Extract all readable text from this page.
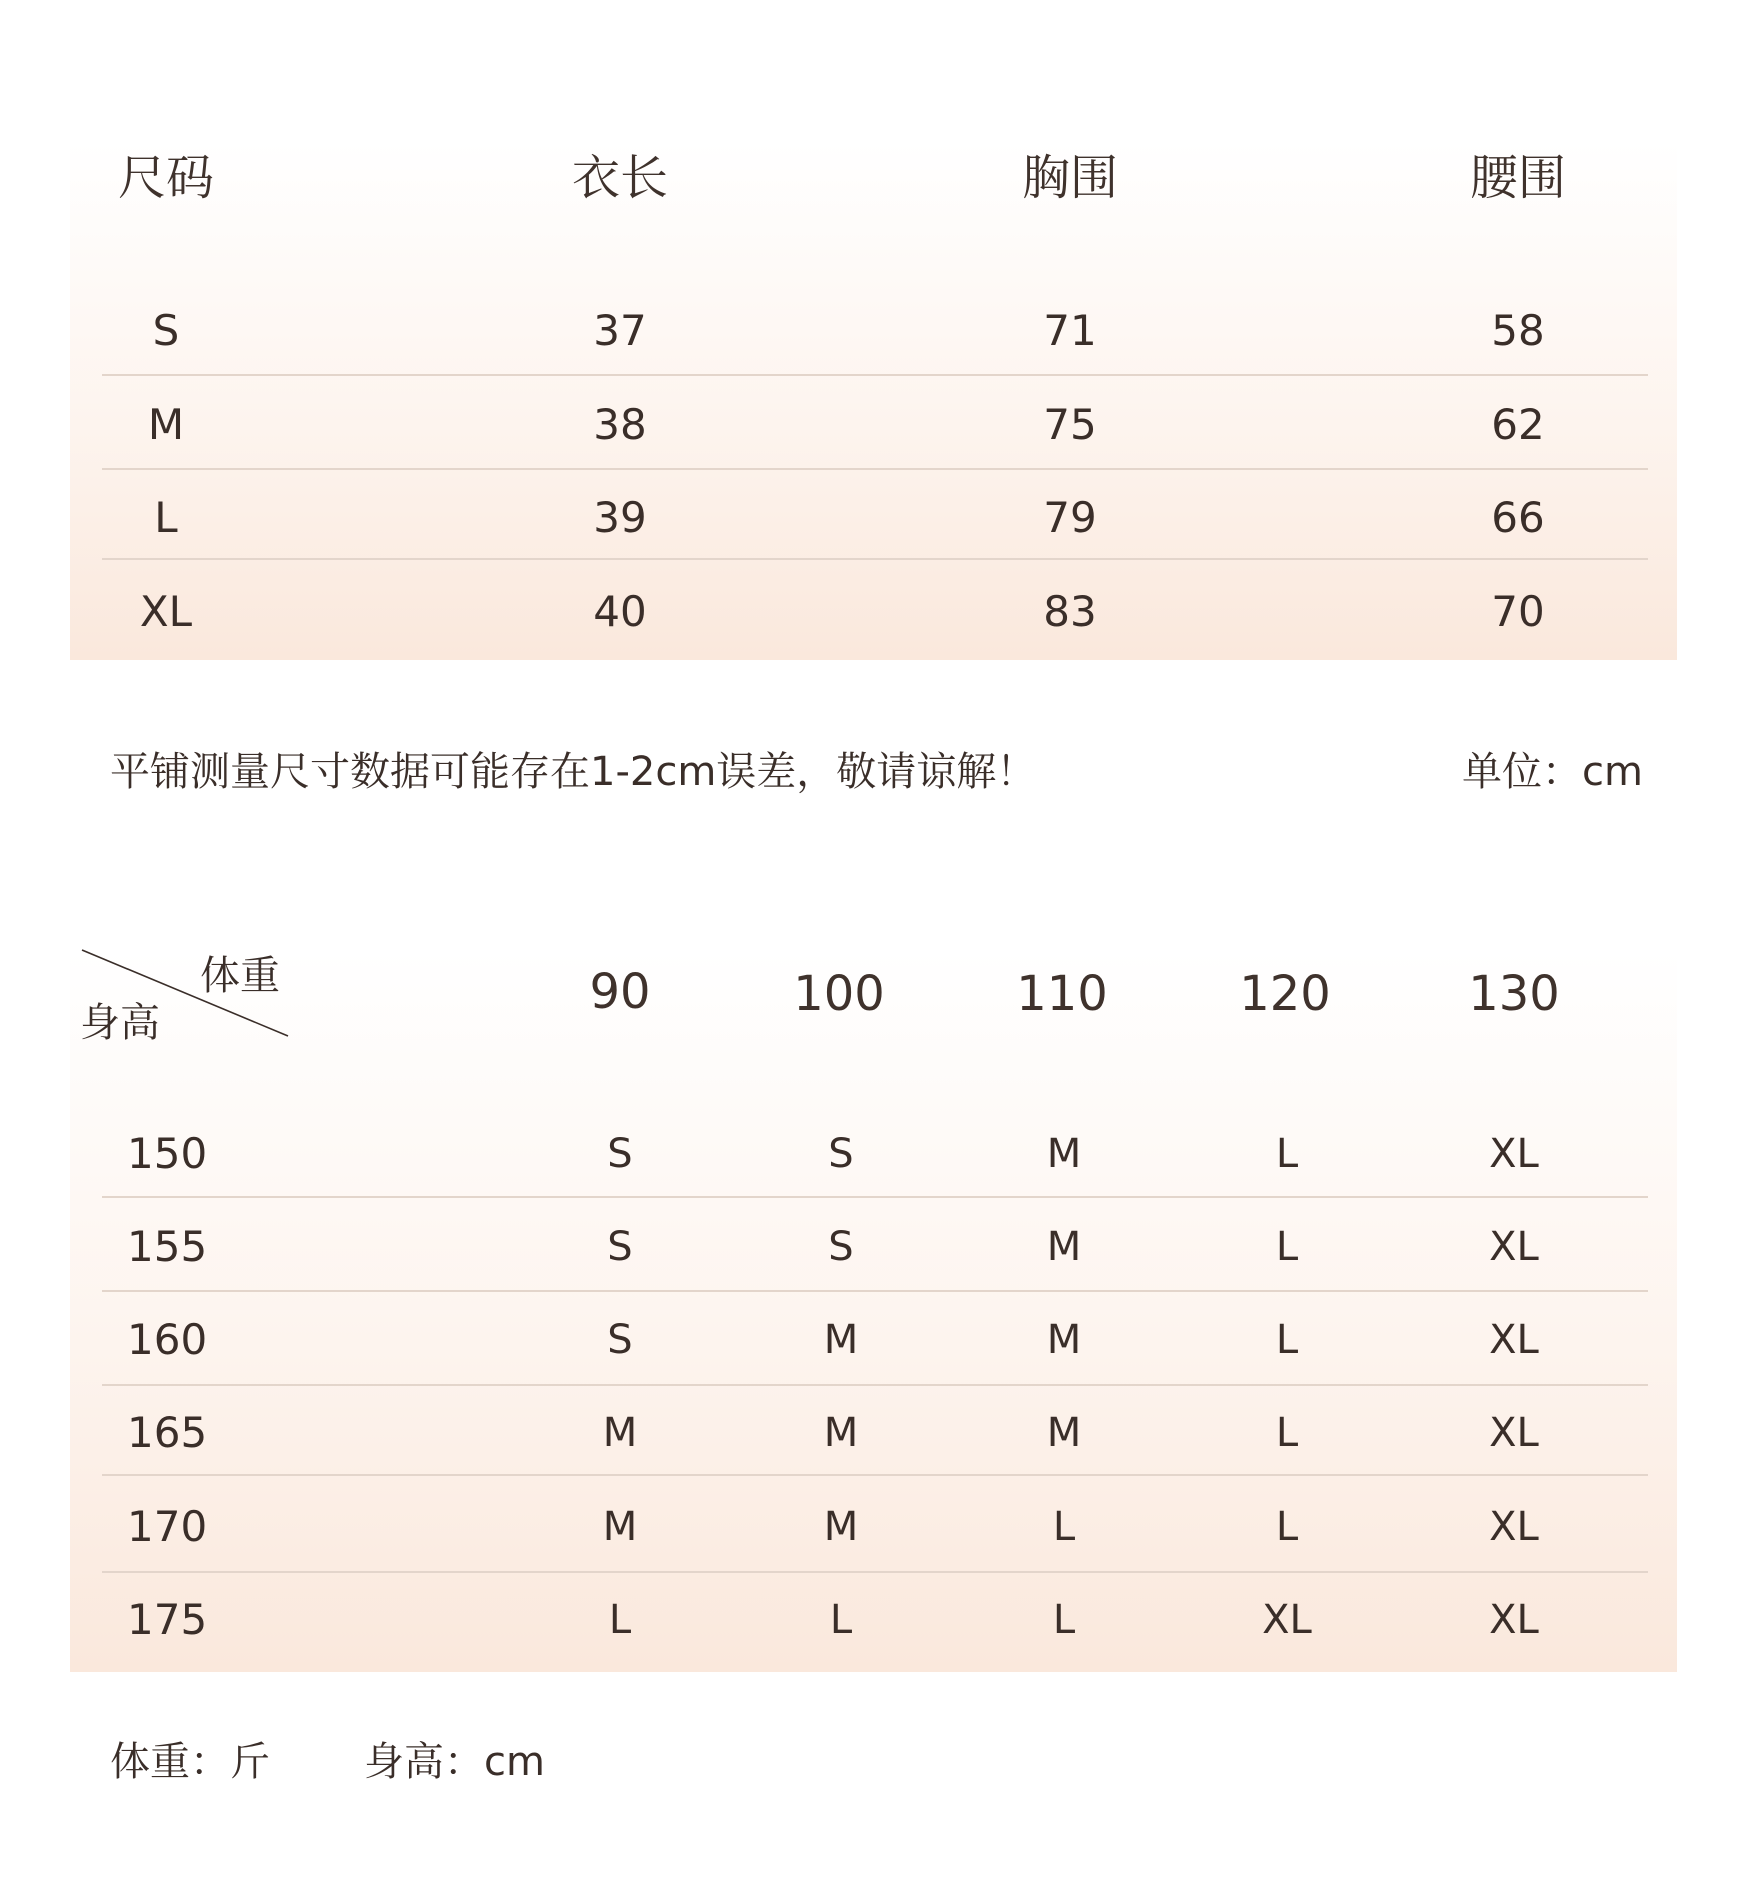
尺码	衣长	胸围	腰围
S	37	71	58
M	38	75	62
L	39	79	66
XL	40	83	70
平铺测量尺寸数据可能存在1-2cm误差，敬请谅解！	单位：cm
体重
身高
90	100	110	120	130
150	S	S	M	L	XL
155	S	S	M	L	XL
160	S	M	M	L	XL
165	M	M	M	L	XL
170	M	M	L	L	XL
175	L	L	L	XL	XL
体重：斤 身高：cm
